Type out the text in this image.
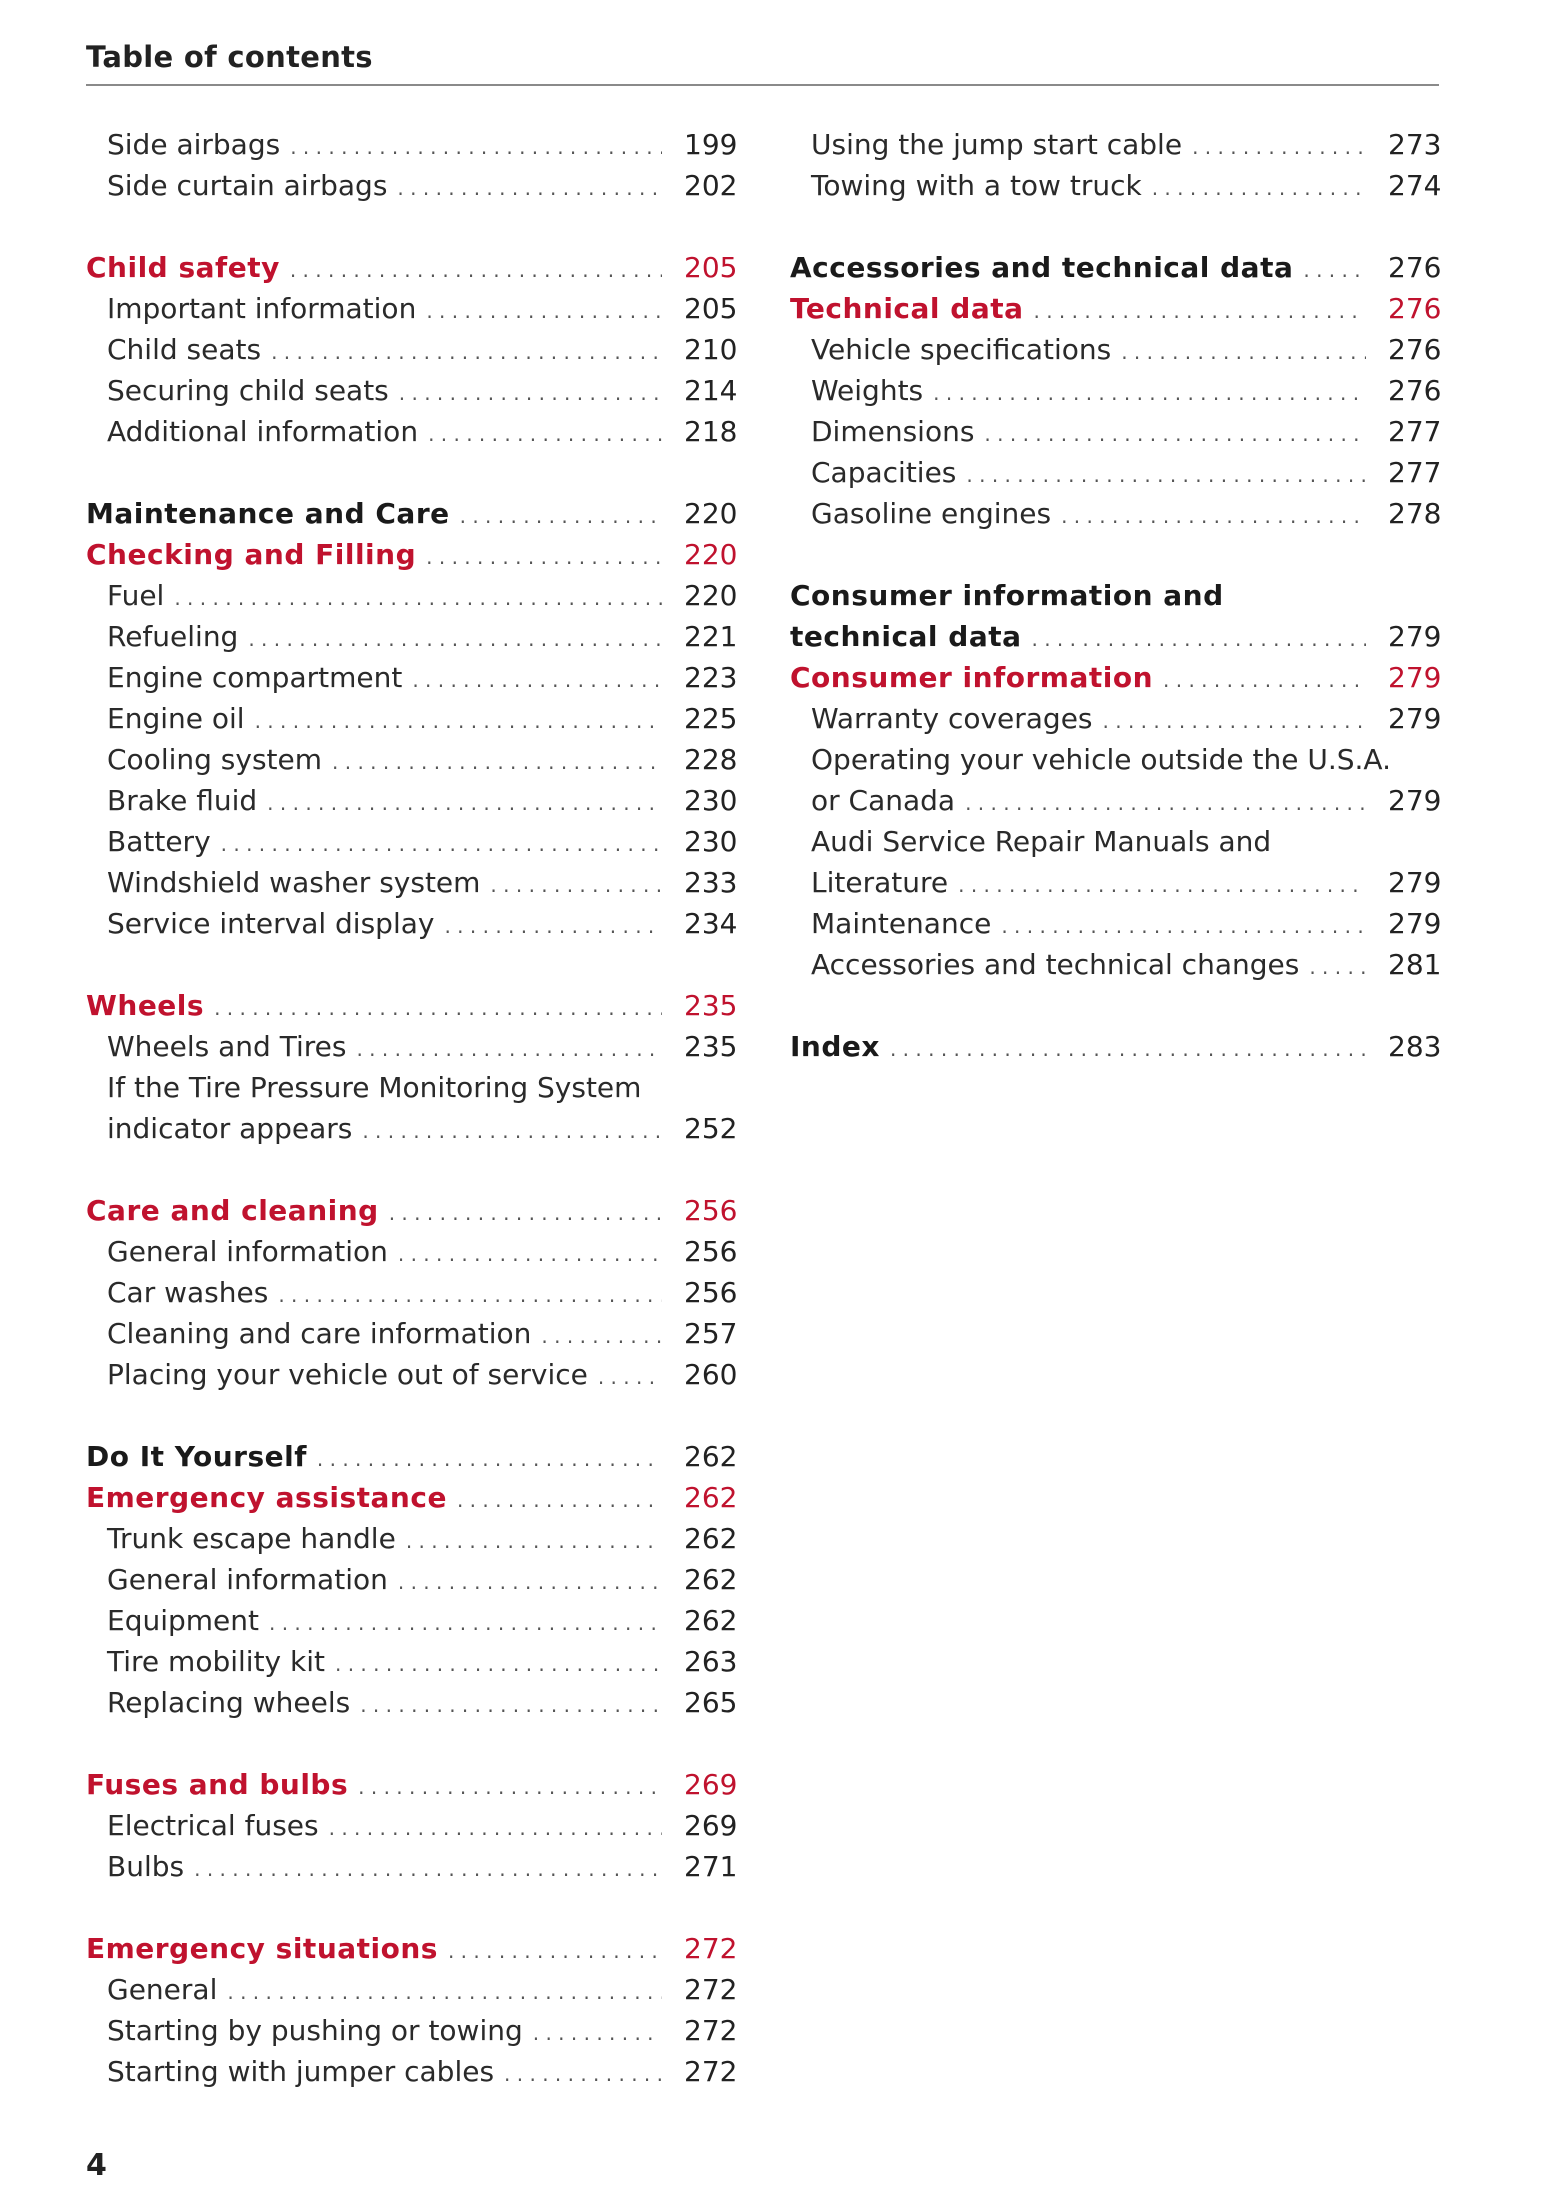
Table of contents
Side airbags . . .	199
Side curtain airbags . . .	202
Child safety . . .	205
Important information . . .	205
Child seats . . .	210
Securing child seats . . .	214
Additional information . . .	218
Maintenance and Care . . .	220
Checking and Filling . . .	220
Fuel . . .	220
Refueling . . .	221
Engine compartment . . .	223
Engine oil . . .	225
Cooling system . . .	228
Brake fluid . . .	230
Battery . . .	230
Windshield washer system . . .	233
Service interval display . . .	234
Wheels . . .	235
Wheels and Tires . . .	235
If the Tire Pressure Monitoring System
indicator appears . . .	252
Care and cleaning . . .	256
General information . . .	256
Car washes . . .	256
Cleaning and care information . . .	257
Placing your vehicle out of service . . .	260
Do It Yourself . . .	262
Emergency assistance . . .	262
Trunk escape handle . . .	262
General information . . .	262
Equipment . . .	262
Tire mobility kit . . .	263
Replacing wheels . . .	265
Fuses and bulbs . . .	269
Electrical fuses . . .	269
Bulbs . . .	271
Emergency situations . . .	272
General . . .	272
Starting by pushing or towing . . .	272
Starting with jumper cables . . .	272
Using the jump start cable . . .	273
Towing with a tow truck . . .	274
Accessories and technical data . . .	276
Technical data . . .	276
Vehicle specifications . . .	276
Weights . . .	276
Dimensions . . .	277
Capacities . . .	277
Gasoline engines . . .	278
Consumer information and
technical data . . .	279
Consumer information . . .	279
Warranty coverages . . .	279
Operating your vehicle outside the U.S.A.
or Canada . . .	279
Audi Service Repair Manuals and
Literature . . .	279
Maintenance . . .	279
Accessories and technical changes . . .	281
Index . . .	283
4
